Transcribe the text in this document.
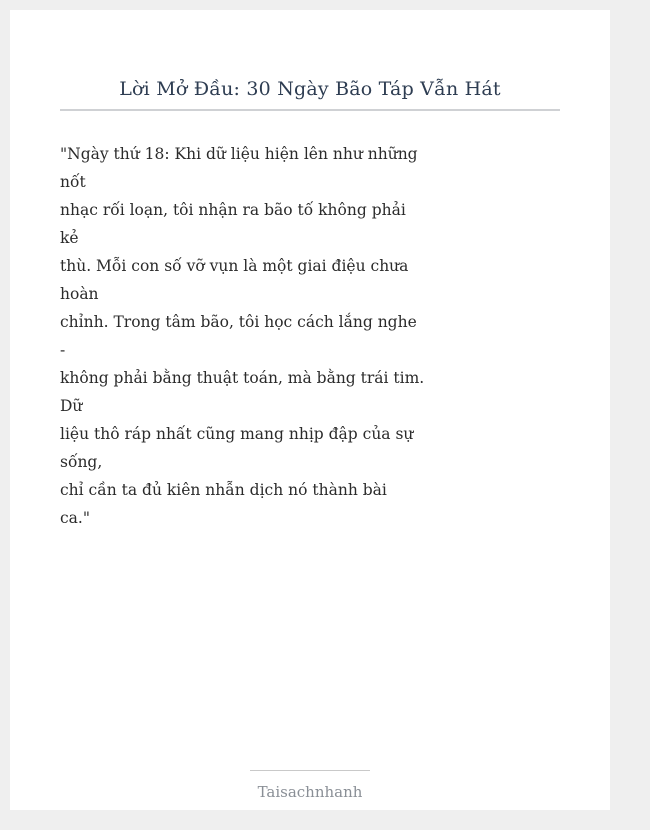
Lời Mở Đầu: 30 Ngày Bão Táp Vẫn Hát
"Ngày thứ 18: Khi dữ liệu hiện lên như những
nốt
nhạc rối loạn, tôi nhận ra bão tố không phải
kẻ
thù. Mỗi con số vỡ vụn là một giai điệu chưa
hoàn
chỉnh. Trong tâm bão, tôi học cách lắng nghe
-
không phải bằng thuật toán, mà bằng trái tim.
Dữ
liệu thô ráp nhất cũng mang nhịp đập của sự
sống,
chỉ cần ta đủ kiên nhẫn dịch nó thành bài
ca."
Taisachnhanh
